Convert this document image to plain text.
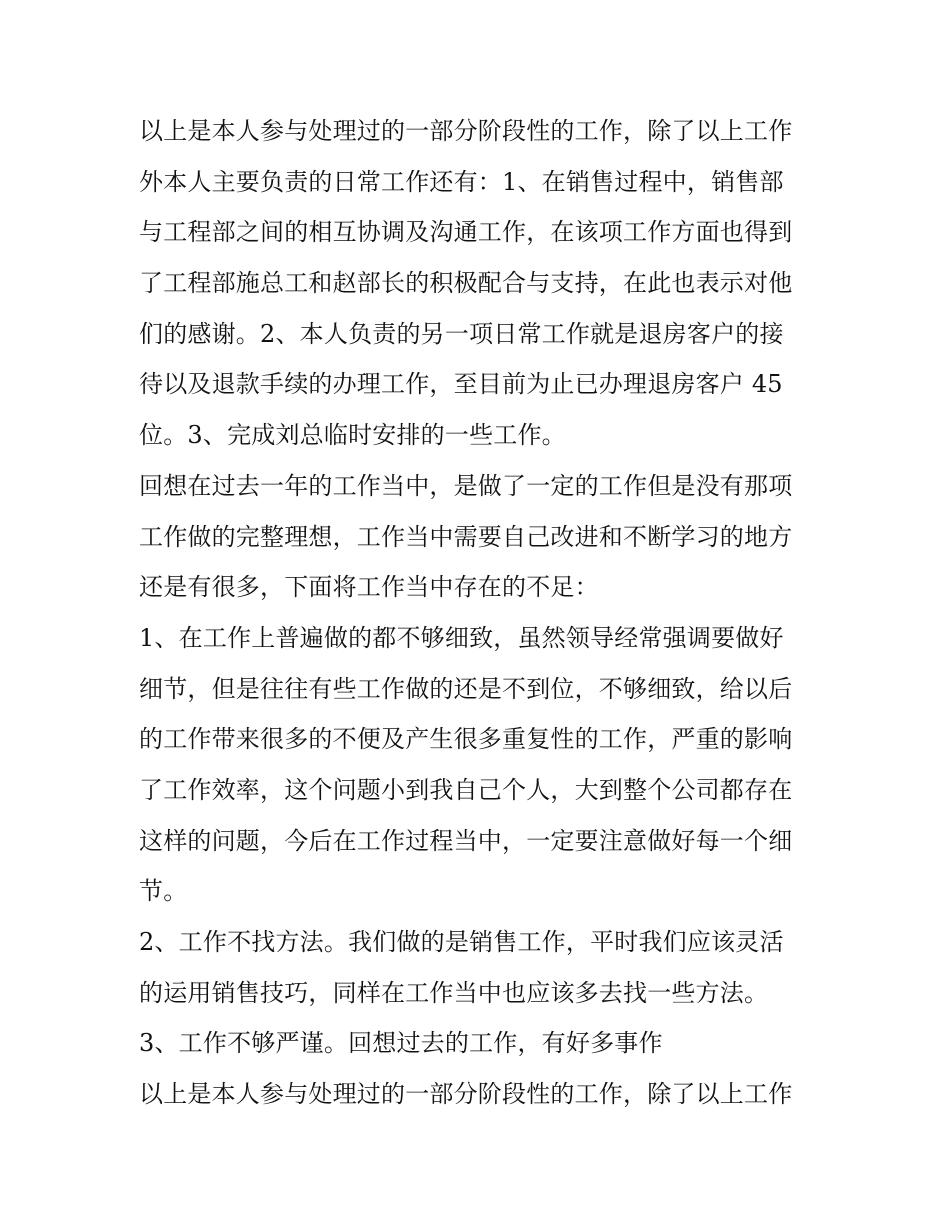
以上是本人参与处理过的一部分阶段性的工作，除了以上工作
外本人主要负责的日常工作还有：1、在销售过程中，销售部
与工程部之间的相互协调及沟通工作，在该项工作方面也得到
了工程部施总工和赵部长的积极配合与支持，在此也表示对他
们的感谢。2、本人负责的另一项日常工作就是退房客户的接
待以及退款手续的办理工作，至目前为止已办理退房客户 45
位。3、完成刘总临时安排的一些工作。
回想在过去一年的工作当中，是做了一定的工作但是没有那项
工作做的完整理想，工作当中需要自己改进和不断学习的地方
还是有很多，下面将工作当中存在的不足：
1、在工作上普遍做的都不够细致，虽然领导经常强调要做好
细节，但是往往有些工作做的还是不到位，不够细致，给以后
的工作带来很多的不便及产生很多重复性的工作，严重的影响
了工作效率，这个问题小到我自己个人，大到整个公司都存在
这样的问题，今后在工作过程当中，一定要注意做好每一个细
节。
2、工作不找方法。我们做的是销售工作，平时我们应该灵活
的运用销售技巧，同样在工作当中也应该多去找一些方法。
3、工作不够严谨。回想过去的工作，有好多事作
以上是本人参与处理过的一部分阶段性的工作，除了以上工作
